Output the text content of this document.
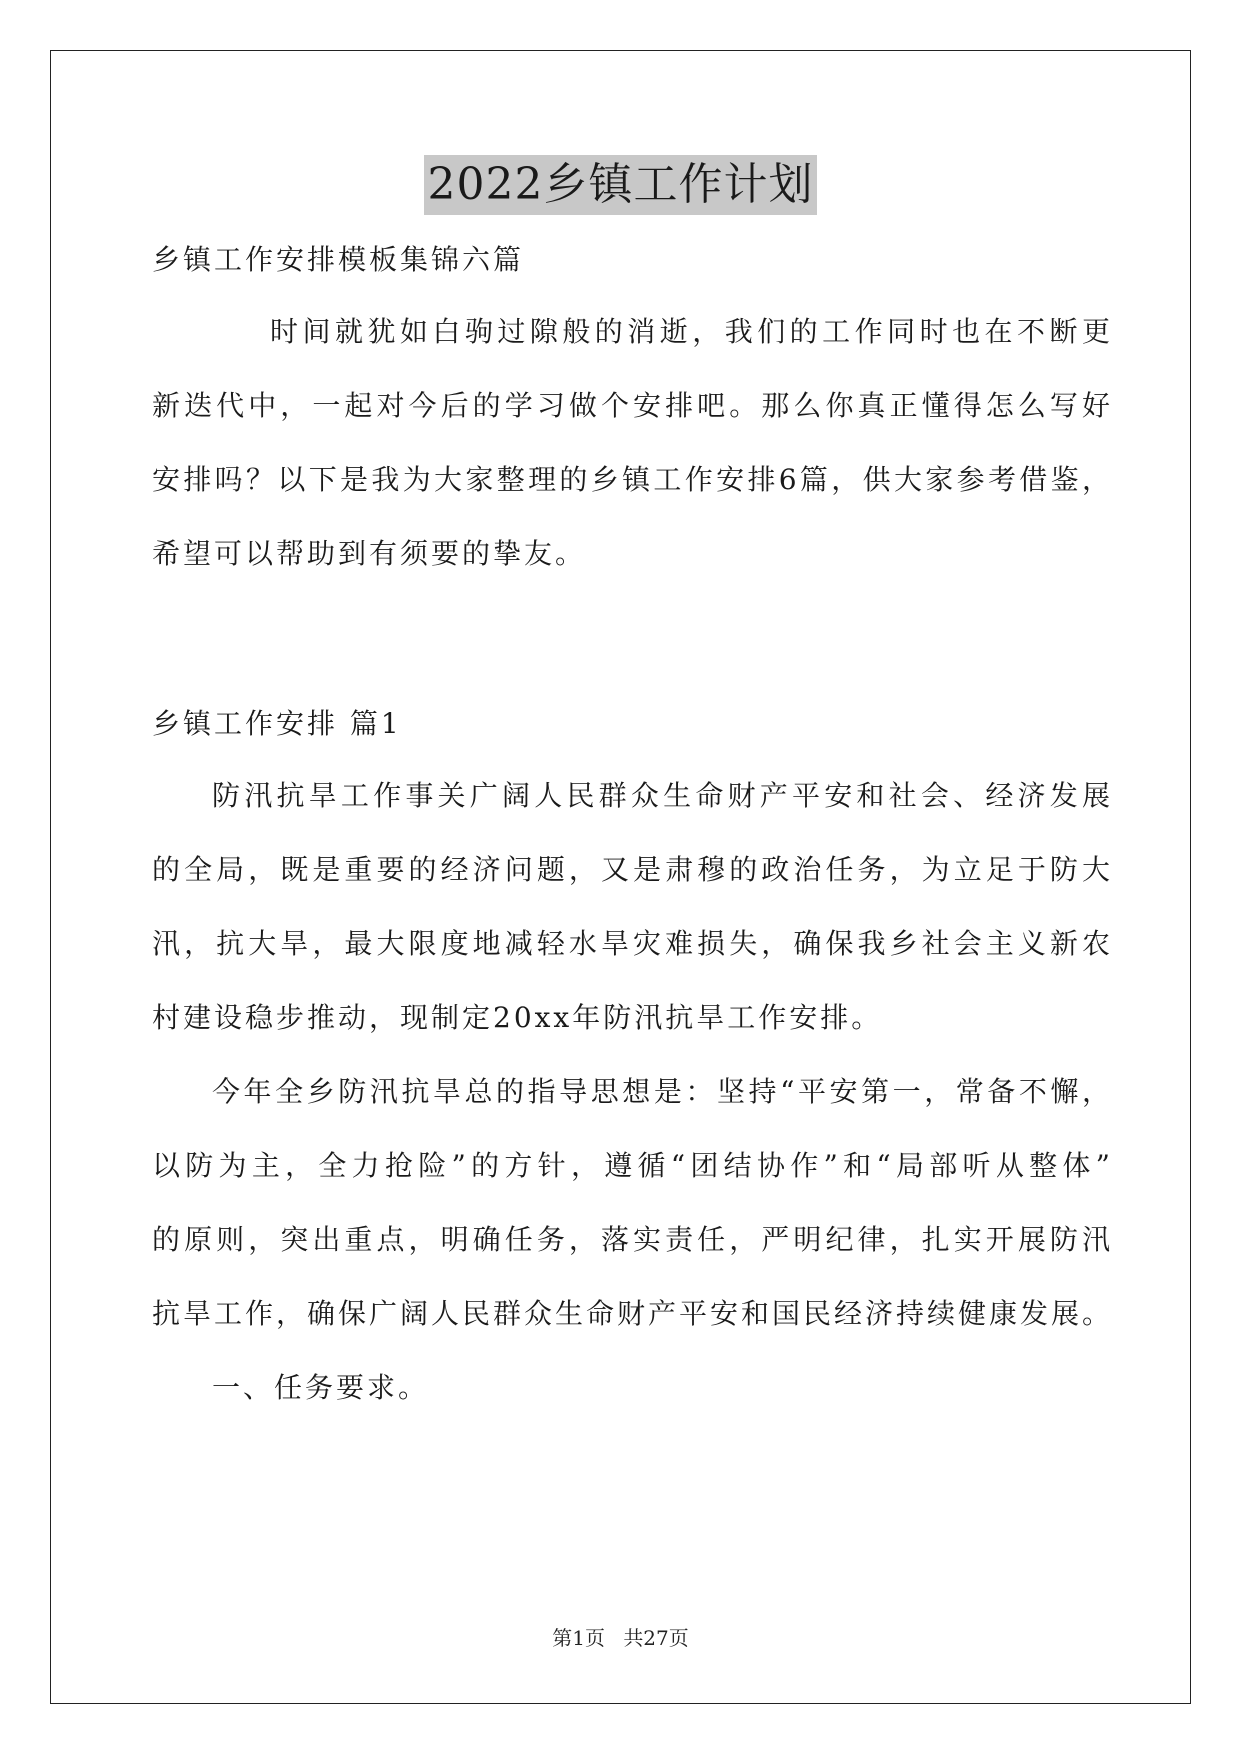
2022乡镇工作计划

乡镇工作安排模板集锦六篇

时间就犹如白驹过隙般的消逝，我们的工作同时也在不断更

新迭代中，一起对今后的学习做个安排吧。那么你真正懂得怎么写好

安排吗？以下是我为大家整理的乡镇工作安排6篇，供大家参考借鉴，

希望可以帮助到有须要的挚友。

乡镇工作安排 篇1

防汛抗旱工作事关广阔人民群众生命财产平安和社会、经济发展

的全局，既是重要的经济问题，又是肃穆的政治任务，为立足于防大

汛，抗大旱，最大限度地减轻水旱灾难损失，确保我乡社会主义新农

村建设稳步推动，现制定20xx年防汛抗旱工作安排。

今年全乡防汛抗旱总的指导思想是：坚持“平安第一，常备不懈，

以防为主，全力抢险”的方针，遵循“团结协作”和“局部听从整体”

的原则，突出重点，明确任务，落实责任，严明纪律，扎实开展防汛

抗旱工作，确保广阔人民群众生命财产平安和国民经济持续健康发展。

一、任务要求。

第1页 共27页
